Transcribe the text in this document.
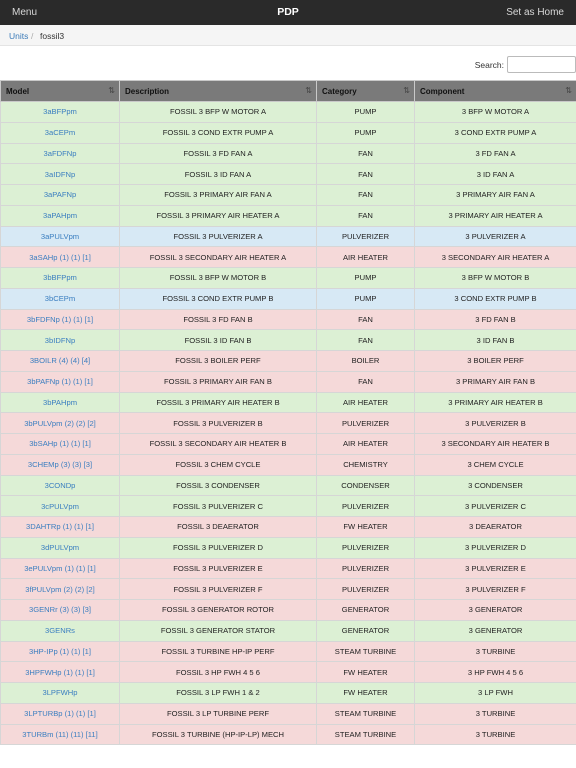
Menu	PDP	Set as Home
Units / fossil3
Search:
Model ⇅	Description ⇅	Category ⇅	Component ⇅

3aBFPpm	FOSSIL 3 BFP W MOTOR A	PUMP	3 BFP W MOTOR A
3aCEPm	FOSSIL 3 COND EXTR PUMP A	PUMP	3 COND EXTR PUMP A
3aFDFNp	FOSSIL 3 FD FAN A	FAN	3 FD FAN A
3aIDFNp	FOSSIL 3 ID FAN A	FAN	3 ID FAN A
3aPAFNp	FOSSIL 3 PRIMARY AIR FAN A	FAN	3 PRIMARY AIR FAN A
3aPAHpm	FOSSIL 3 PRIMARY AIR HEATER A	FAN	3 PRIMARY AIR HEATER A
3aPULVpm	FOSSIL 3 PULVERIZER A	PULVERIZER	3 PULVERIZER A
3aSAHp (1) (1) [1]	FOSSIL 3 SECONDARY AIR HEATER A	AIR HEATER	3 SECONDARY AIR HEATER A
3bBFPpm	FOSSIL 3 BFP W MOTOR B	PUMP	3 BFP W MOTOR B
3bCEPm	FOSSIL 3 COND EXTR PUMP B	PUMP	3 COND EXTR PUMP B
3bFDFNp (1) (1) [1]	FOSSIL 3 FD FAN B	FAN	3 FD FAN B
3bIDFNp	FOSSIL 3 ID FAN B	FAN	3 ID FAN B
3BOILR (4) (4) [4]	FOSSIL 3 BOILER PERF	BOILER	3 BOILER PERF
3bPAFNp (1) (1) [1]	FOSSIL 3 PRIMARY AIR FAN B	FAN	3 PRIMARY AIR FAN B
3bPAHpm	FOSSIL 3 PRIMARY AIR HEATER B	AIR HEATER	3 PRIMARY AIR HEATER B
3bPULVpm (2) (2) [2]	FOSSIL 3 PULVERIZER B	PULVERIZER	3 PULVERIZER B
3bSAHp (1) (1) [1]	FOSSIL 3 SECONDARY AIR HEATER B	AIR HEATER	3 SECONDARY AIR HEATER B
3CHEMp (3) (3) [3]	FOSSIL 3 CHEM CYCLE	CHEMISTRY	3 CHEM CYCLE
3CONDp	FOSSIL 3 CONDENSER	CONDENSER	3 CONDENSER
3cPULVpm	FOSSIL 3 PULVERIZER C	PULVERIZER	3 PULVERIZER C
3DAHTRp (1) (1) [1]	FOSSIL 3 DEAERATOR	FW HEATER	3 DEAERATOR
3dPULVpm	FOSSIL 3 PULVERIZER D	PULVERIZER	3 PULVERIZER D
3ePULVpm (1) (1) [1]	FOSSIL 3 PULVERIZER E	PULVERIZER	3 PULVERIZER E
3fPULVpm (2) (2) [2]	FOSSIL 3 PULVERIZER F	PULVERIZER	3 PULVERIZER F
3GENRr (3) (3) [3]	FOSSIL 3 GENERATOR ROTOR	GENERATOR	3 GENERATOR
3GENRs	FOSSIL 3 GENERATOR STATOR	GENERATOR	3 GENERATOR
3HP-IPp (1) (1) [1]	FOSSIL 3 TURBINE HP-IP PERF	STEAM TURBINE	3 TURBINE
3HPFWHp (1) (1) [1]	FOSSIL 3 HP FWH 4 5 6	FW HEATER	3 HP FWH 4 5 6
3LPFWHp	FOSSIL 3 LP FWH 1 & 2	FW HEATER	3 LP FWH
3LPTURBp (1) (1) [1]	FOSSIL 3 LP TURBINE PERF	STEAM TURBINE	3 TURBINE
3TURBm (11) (11) [11]	FOSSIL 3 TURBINE (HP-IP-LP) MECH	STEAM TURBINE	3 TURBINE
